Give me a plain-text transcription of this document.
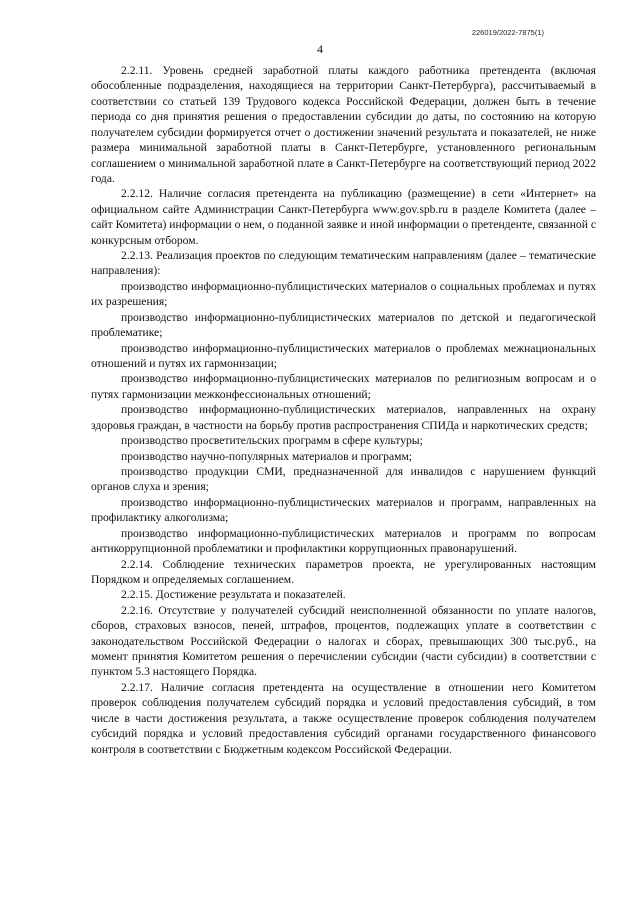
226019/2022-7875(1)
4

2.2.11. Уровень средней заработной платы каждого работника претендента (включая обособленные подразделения, находящиеся на территории Санкт-Петербурга), рассчитываемый в соответствии со статьей 139 Трудового кодекса Российской Федерации, должен быть в течение периода со дня принятия решения о предоставлении субсидии до даты, по состоянию на которую получателем субсидии формируется отчет о достижении значений результата и показателей, не ниже размера минимальной заработной платы в Санкт-Петербурге, установленного региональным соглашением о минимальной заработной плате в Санкт-Петербурге на соответствующий период 2022 года.

2.2.12. Наличие согласия претендента на публикацию (размещение) в сети «Интернет» на официальном сайте Администрации Санкт-Петербурга www.gov.spb.ru в разделе Комитета (далее – сайт Комитета) информации о нем, о поданной заявке и иной информации о претенденте, связанной с конкурсным отбором.

2.2.13. Реализация проектов по следующим тематическим направлениям (далее – тематические направления):

производство информационно-публицистических материалов о социальных проблемах и путях их разрешения;

производство информационно-публицистических материалов по детской и педагогической проблематике;

производство информационно-публицистических материалов о проблемах межнациональных отношений и путях их гармонизации;

производство информационно-публицистических материалов по религиозным вопросам и о путях гармонизации межконфессиональных отношений;

производство информационно-публицистических материалов, направленных на охрану здоровья граждан, в частности на борьбу против распространения СПИДа и наркотических средств;

производство просветительских программ в сфере культуры;

производство научно-популярных материалов и программ;

производство продукции СМИ, предназначенной для инвалидов с нарушением функций органов слуха и зрения;

производство информационно-публицистических материалов и программ, направленных на профилактику алкоголизма;

производство информационно-публицистических материалов и программ по вопросам антикоррупционной проблематики и профилактики коррупционных правонарушений.

2.2.14. Соблюдение технических параметров проекта, не урегулированных настоящим Порядком и определяемых соглашением.

2.2.15. Достижение результата и показателей.

2.2.16. Отсутствие у получателей субсидий неисполненной обязанности по уплате налогов, сборов, страховых взносов, пеней, штрафов, процентов, подлежащих уплате в соответствии с законодательством Российской Федерации о налогах и сборах, превышающих 300 тыс.руб., на момент принятия Комитетом решения о перечислении субсидии (части субсидии) в соответствии с пунктом 5.3 настоящего Порядка.

2.2.17. Наличие согласия претендента на осуществление в отношении него Комитетом проверок соблюдения получателем субсидий порядка и условий предоставления субсидий, в том числе в части достижения результата, а также осуществление проверок соблюдения получателем субсидий порядка и условий предоставления субсидий органами государственного финансового контроля в соответствии с Бюджетным кодексом Российской Федерации.
